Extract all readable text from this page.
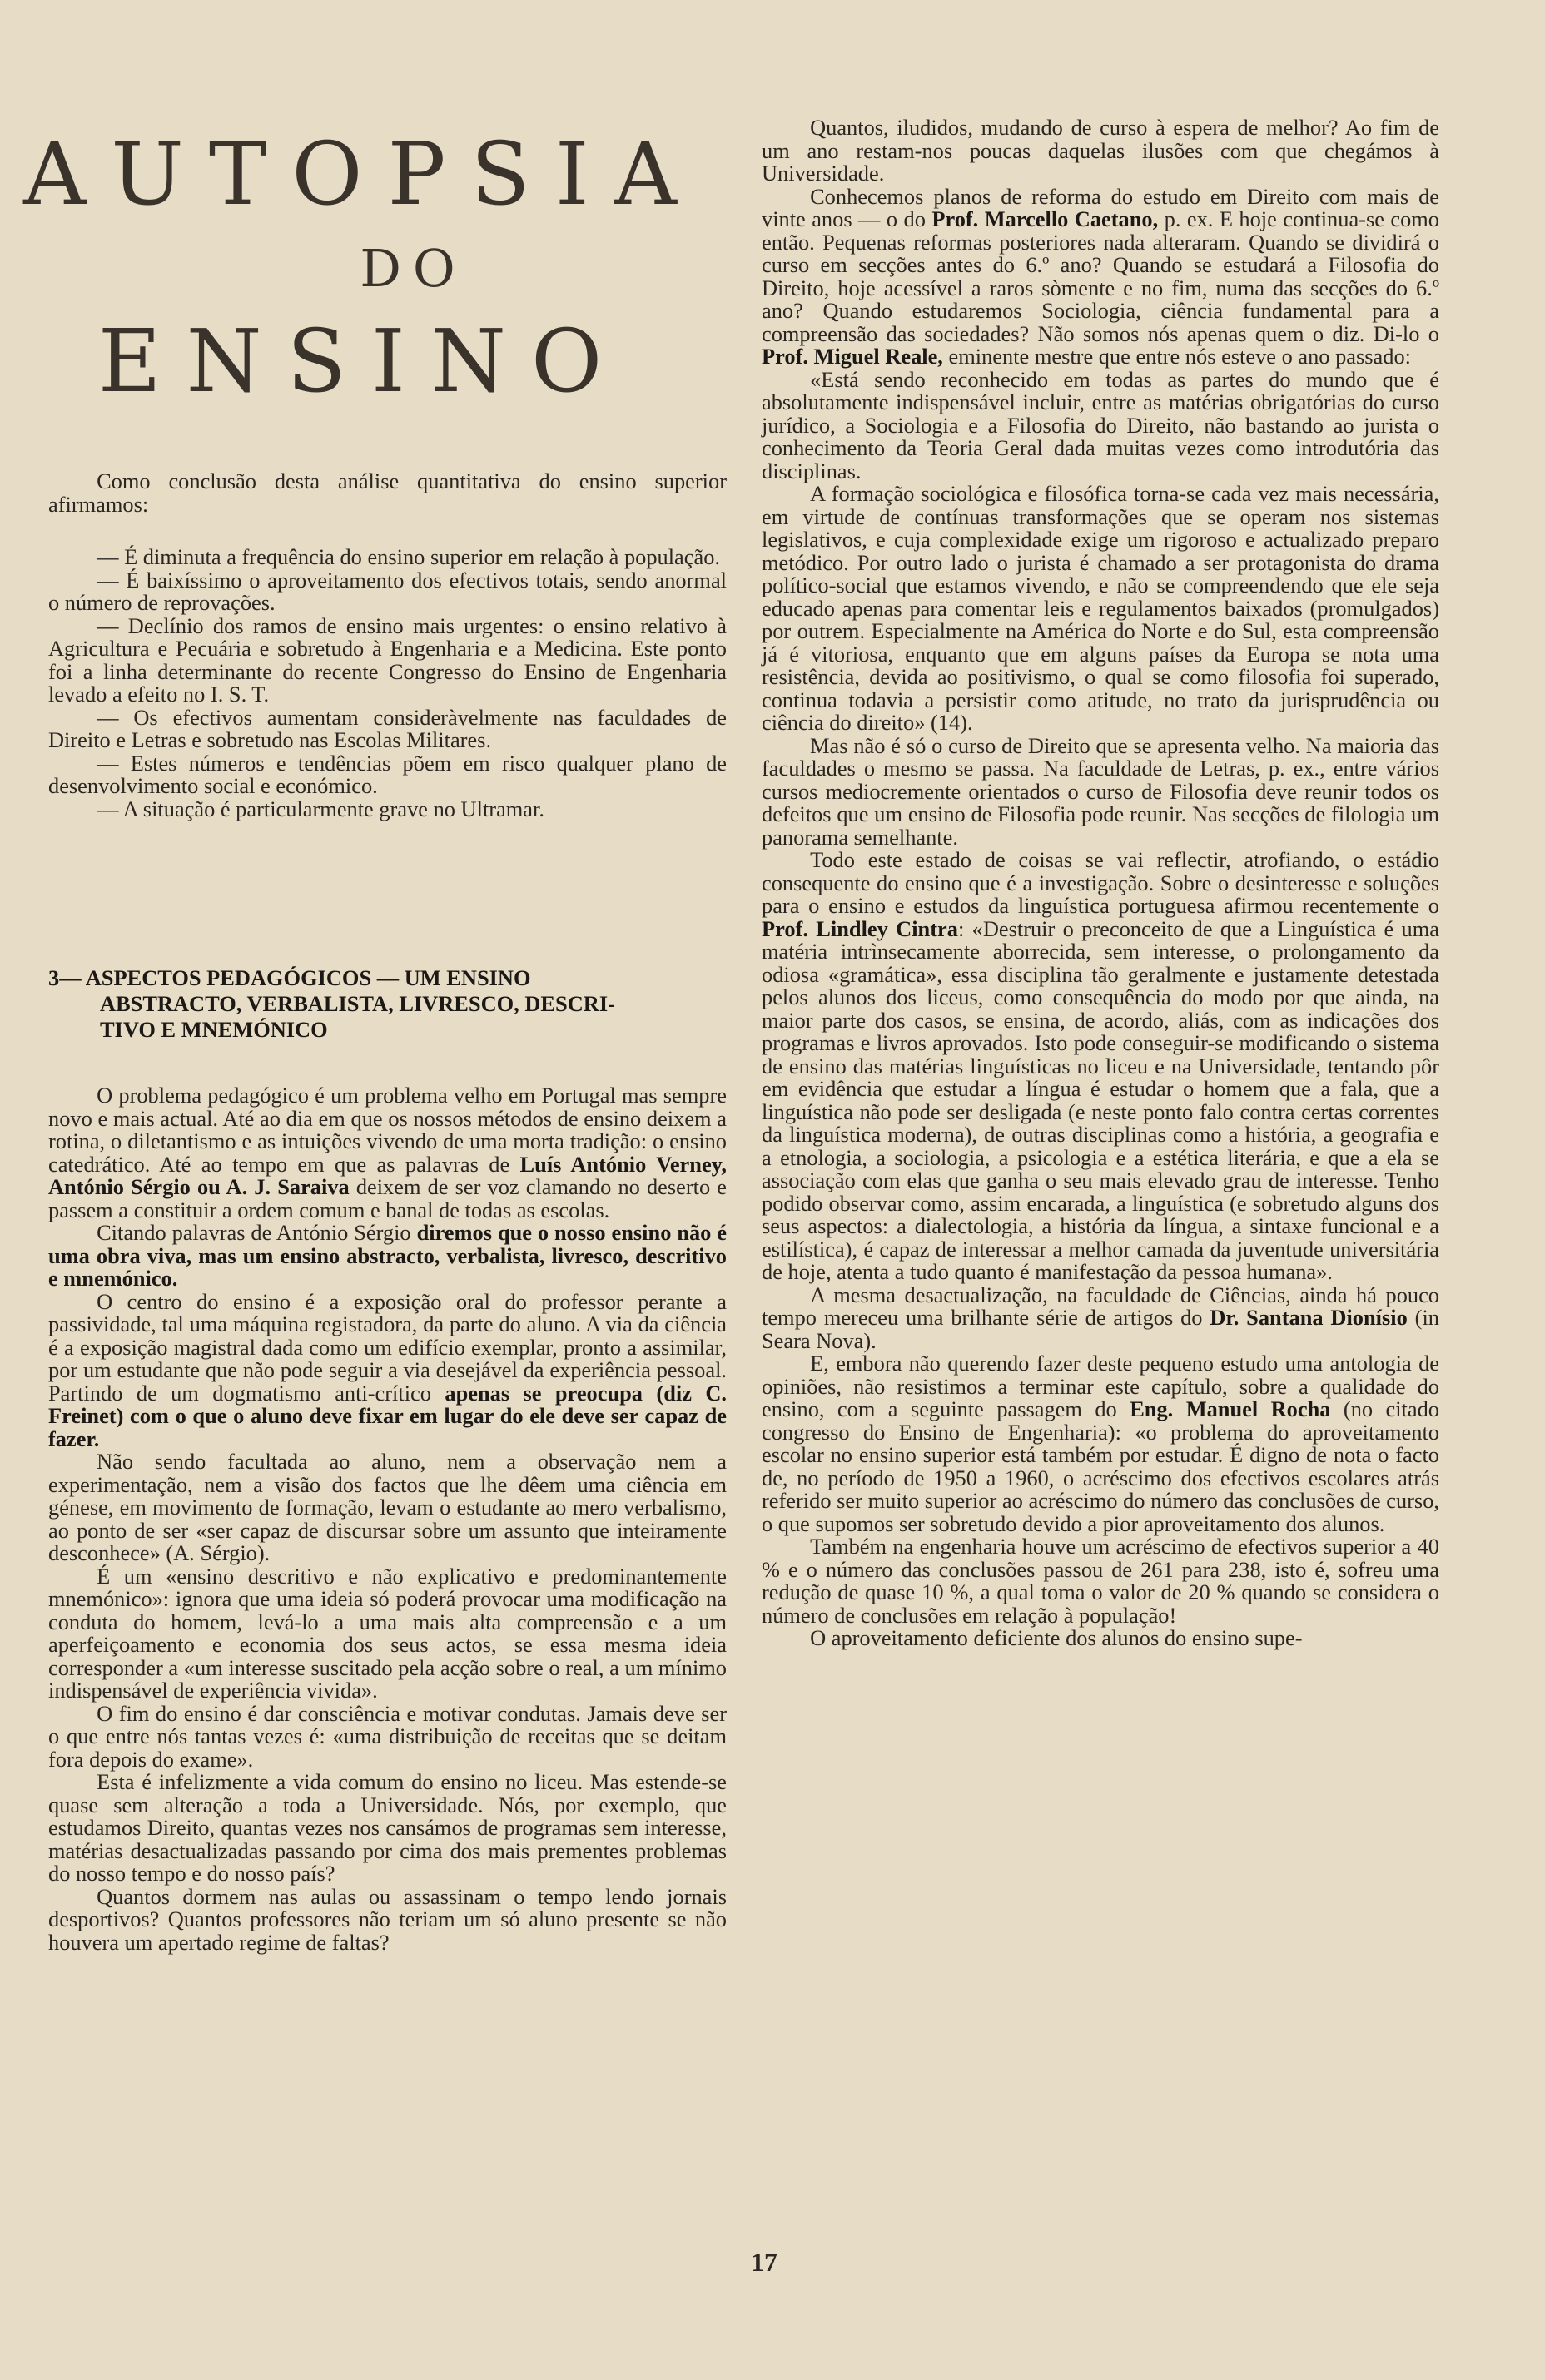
AUTOPSIA
DO
ENSINO

Como conclusão desta análise quantitativa do ensino superior afirmamos:

— É diminuta a frequência do ensino superior em relação à população.

— É baixíssimo o aproveitamento dos efectivos totais, sendo anormal o número de reprovações.

— Declínio dos ramos de ensino mais urgentes: o ensino relativo à Agricultura e Pecuária e sobretudo à Engenharia e a Medicina. Este ponto foi a linha determinante do recente Congresso do Ensino de Engenharia levado a efeito no I. S. T.

— Os efectivos aumentam consideràvelmente nas faculdades de Direito e Letras e sobretudo nas Escolas Militares.

— Estes números e tendências põem em risco qualquer plano de desenvolvimento social e económico.

— A situação é particularmente grave no Ultramar.

3— ASPECTOS PEDAGÓGICOS — UM ENSINO
ABSTRACTO, VERBALISTA, LIVRESCO, DESCRI-
TIVO E MNEMÓNICO

O problema pedagógico é um problema velho em Portugal mas sempre novo e mais actual. Até ao dia em que os nossos métodos de ensino deixem a rotina, o diletantismo e as intuições vivendo de uma morta tradição: o ensino catedrático. Até ao tempo em que as palavras de Luís António Verney, António Sérgio ou A. J. Saraiva deixem de ser voz clamando no deserto e passem a constituir a ordem comum e banal de todas as escolas.

Citando palavras de António Sérgio diremos que o nosso ensino não é uma obra viva, mas um ensino abstracto, verbalista, livresco, descritivo e mnemónico.

O centro do ensino é a exposição oral do professor perante a passividade, tal uma máquina registadora, da parte do aluno. A via da ciência é a exposição magistral dada como um edifício exemplar, pronto a assimilar, por um estudante que não pode seguir a via desejável da experiência pessoal. Partindo de um dogmatismo anti-crítico apenas se preocupa (diz C. Freinet) com o que o aluno deve fixar em lugar do ele deve ser capaz de fazer.

Não sendo facultada ao aluno, nem a observação nem a experimentação, nem a visão dos factos que lhe dêem uma ciência em génese, em movimento de formação, levam o estudante ao mero verbalismo, ao ponto de ser «ser capaz de discursar sobre um assunto que inteiramente desconhece» (A. Sérgio).

É um «ensino descritivo e não explicativo e predominantemente mnemónico»: ignora que uma ideia só poderá provocar uma modificação na conduta do homem, levá-lo a uma mais alta compreensão e a um aperfeiçoamento e economia dos seus actos, se essa mesma ideia corresponder a «um interesse suscitado pela acção sobre o real, a um mínimo indispensável de experiência vivida».

O fim do ensino é dar consciência e motivar condutas. Jamais deve ser o que entre nós tantas vezes é: «uma distribuição de receitas que se deitam fora depois do exame».

Esta é infelizmente a vida comum do ensino no liceu. Mas estende-se quase sem alteração a toda a Universidade. Nós, por exemplo, que estudamos Direito, quantas vezes nos cansámos de programas sem interesse, matérias desactualizadas passando por cima dos mais prementes problemas do nosso tempo e do nosso país?

Quantos dormem nas aulas ou assassinam o tempo lendo jornais desportivos? Quantos professores não teriam um só aluno presente se não houvera um apertado regime de faltas?

Quantos, iludidos, mudando de curso à espera de melhor? Ao fim de um ano restam-nos poucas daquelas ilusões com que chegámos à Universidade.

Conhecemos planos de reforma do estudo em Direito com mais de vinte anos — o do Prof. Marcello Caetano, p. ex. E hoje continua-se como então. Pequenas reformas posteriores nada alteraram. Quando se dividirá o curso em secções antes do 6.º ano? Quando se estudará a Filosofia do Direito, hoje acessível a raros sòmente e no fim, numa das secções do 6.º ano? Quando estudaremos Sociologia, ciência fundamental para a compreensão das sociedades? Não somos nós apenas quem o diz. Di-lo o Prof. Miguel Reale, eminente mestre que entre nós esteve o ano passado:

«Está sendo reconhecido em todas as partes do mundo que é absolutamente indispensável incluir, entre as matérias obrigatórias do curso jurídico, a Sociologia e a Filosofia do Direito, não bastando ao jurista o conhecimento da Teoria Geral dada muitas vezes como introdutória das disciplinas.

A formação sociológica e filosófica torna-se cada vez mais necessária, em virtude de contínuas transformações que se operam nos sistemas legislativos, e cuja complexidade exige um rigoroso e actualizado preparo metódico. Por outro lado o jurista é chamado a ser protagonista do drama político-social que estamos vivendo, e não se compreendendo que ele seja educado apenas para comentar leis e regulamentos baixados (promulgados) por outrem. Especialmente na América do Norte e do Sul, esta compreensão já é vitoriosa, enquanto que em alguns países da Europa se nota uma resistência, devida ao positivismo, o qual se como filosofia foi superado, continua todavia a persistir como atitude, no trato da jurisprudência ou ciência do direito» (14).

Mas não é só o curso de Direito que se apresenta velho. Na maioria das faculdades o mesmo se passa. Na faculdade de Letras, p. ex., entre vários cursos mediocremente orientados o curso de Filosofia deve reunir todos os defeitos que um ensino de Filosofia pode reunir. Nas secções de filologia um panorama semelhante.

Todo este estado de coisas se vai reflectir, atrofiando, o estádio consequente do ensino que é a investigação. Sobre o desinteresse e soluções para o ensino e estudos da linguística portuguesa afirmou recentemente o Prof. Lindley Cintra: «Destruir o preconceito de que a Linguística é uma matéria intrìnsecamente aborrecida, sem interesse, o prolongamento da odiosa «gramática», essa disciplina tão geralmente e justamente detestada pelos alunos dos liceus, como consequência do modo por que ainda, na maior parte dos casos, se ensina, de acordo, aliás, com as indicações dos programas e livros aprovados. Isto pode conseguir-se modificando o sistema de ensino das matérias linguísticas no liceu e na Universidade, tentando pôr em evidência que estudar a língua é estudar o homem que a fala, que a linguística não pode ser desligada (e neste ponto falo contra certas correntes da linguística moderna), de outras disciplinas como a história, a geografia e a etnologia, a sociologia, a psicologia e a estética literária, e que a ela se associação com elas que ganha o seu mais elevado grau de interesse. Tenho podido observar como, assim encarada, a linguística (e sobretudo alguns dos seus aspectos: a dialectologia, a história da língua, a sintaxe funcional e a estilística), é capaz de interessar a melhor camada da juventude universitária de hoje, atenta a tudo quanto é manifestação da pessoa humana».

A mesma desactualização, na faculdade de Ciências, ainda há pouco tempo mereceu uma brilhante série de artigos do Dr. Santana Dionísio (in Seara Nova).

E, embora não querendo fazer deste pequeno estudo uma antologia de opiniões, não resistimos a terminar este capítulo, sobre a qualidade do ensino, com a seguinte passagem do Eng. Manuel Rocha (no citado congresso do Ensino de Engenharia): «o problema do aproveitamento escolar no ensino superior está também por estudar. É digno de nota o facto de, no período de 1950 a 1960, o acréscimo dos efectivos escolares atrás referido ser muito superior ao acréscimo do número das conclusões de curso, o que supomos ser sobretudo devido a pior aproveitamento dos alunos.

Também na engenharia houve um acréscimo de efectivos superior a 40 % e o número das conclusões passou de 261 para 238, isto é, sofreu uma redução de quase 10 %, a qual toma o valor de 20 % quando se considera o número de conclusões em relação à população!

O aproveitamento deficiente dos alunos do ensino supe-

17
